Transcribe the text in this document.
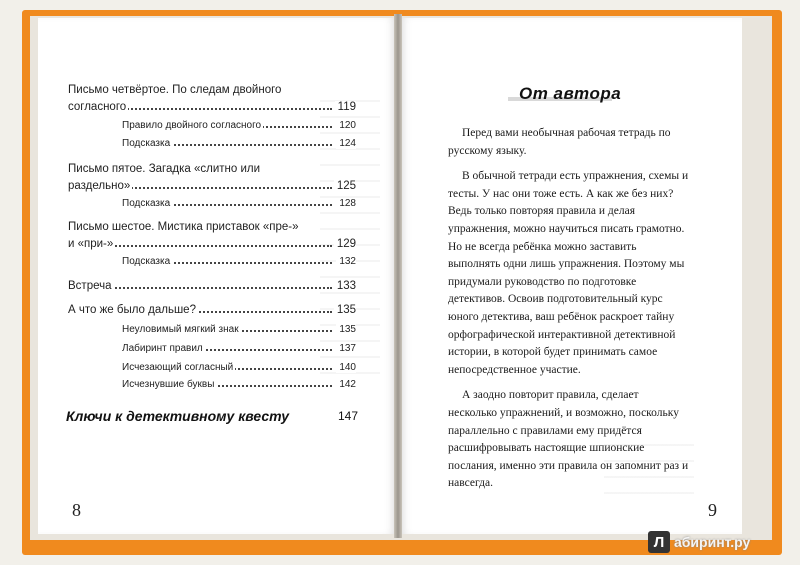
Письмо четвёртое. По следам двойного
согласного	119
Правило двойного согласного	120
Подсказка	124
Письмо пятое. Загадка «слитно или
раздельно»	125
Подсказка	128
Письмо шестое. Мистика приставок «пре-»
и «при-»	129
Подсказка	132
Встреча	133
А что же было дальше?	135
Неуловимый мягкий знак	135
Лабиринт правил	137
Исчезающий согласный	140
Исчезнувшие буквы	142
Ключи к детективному квесту	147
8	9
От автора

Перед вами необычная рабочая тетрадь по русскому языку.

В обычной тетради есть упражнения, схемы и тесты. У нас они тоже есть. А как же без них? Ведь только повторяя правила и делая упражнения, можно научиться писать грамотно. Но не всегда ребёнка можно заставить выполнять одни лишь упражнения. Поэтому мы придумали руководство по подготовке детективов. Освоив подготовительный курс юного детектива, ваш ребёнок раскроет тайну орфографической интерактивной детективной истории, в которой будет принимать самое непосредственное участие.

А заодно повторит правила, сделает несколько упражнений, и возможно, поскольку параллельно с правилами ему придётся расшифровывать настоящие шпионские послания, именно эти правила он запомнит раз и навсегда.

Л абиринт.ру
